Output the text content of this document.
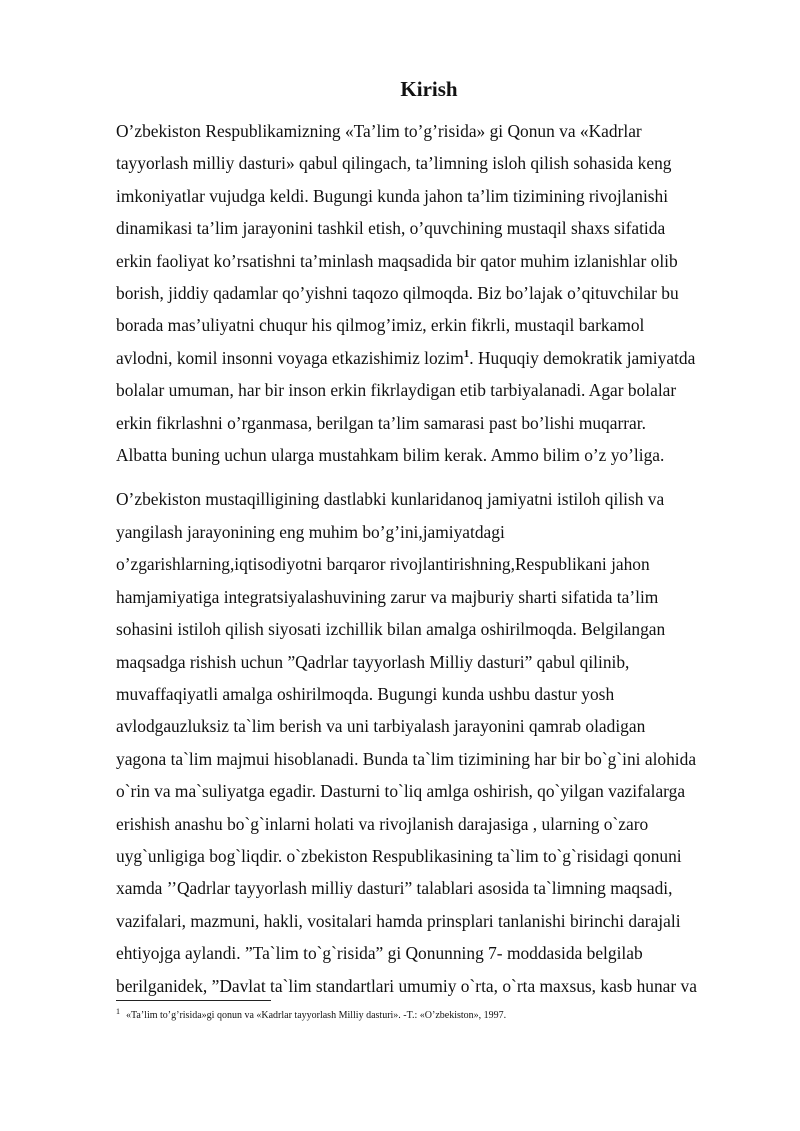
Kirish

O’zbekiston Respublikamizning «Ta’lim to’g’risida» gi Qonun va «Kadrlar
tayyorlash milliy dasturi» qabul qilingach, ta’limning isloh qilish sohasida keng
imkoniyatlar vujudga keldi. Bugungi kunda jahon ta’lim tizimining rivojlanishi
dinamikasi ta’lim jarayonini tashkil etish, o’quvchining mustaqil shaxs sifatida
erkin faoliyat ko’rsatishni ta’minlash maqsadida bir qator muhim izlanishlar olib
borish, jiddiy qadamlar qo’yishni taqozo qilmoqda. Biz bo’lajak o’qituvchilar bu
borada mas’uliyatni chuqur his qilmog’imiz, erkin fikrli, mustaqil barkamol
avlodni, komil insonni voyaga etkazishimiz lozim$^1$. Huquqiy demokratik jamiyatda
bolalar umuman, har bir inson erkin fikrlaydigan etib tarbiyalanadi. Agar bolalar
erkin fikrlashni o’rganmasa, berilgan ta’lim samarasi past bo’lishi muqarrar.
Albatta buning uchun ularga mustahkam bilim kerak. Ammo bilim o’z yo’liga.

O’zbekiston mustaqilligining dastlabki kunlaridanoq jamiyatni istiloh qilish va
yangilash jarayonining eng muhim bo’g’ini,jamiyatdagi
o’zgarishlarning,iqtisodiyotni barqaror rivojlantirishning,Respublikani jahon
hamjamiyatiga integratsiyalashuvining zarur va majburiy sharti sifatida ta’lim
sohasini istiloh qilish siyosati izchillik bilan amalga oshirilmoqda. Belgilangan
maqsadga rishish uchun ”Qadrlar tayyorlash Milliy dasturi” qabul qilinib,
muvaffaqiyatli amalga oshirilmoqda. Bugungi kunda ushbu dastur yosh
avlodgauzluksiz ta`lim berish va uni tarbiyalash jarayonini qamrab oladigan
yagona ta`lim majmui hisoblanadi. Bunda ta`lim tizimining har bir bo`g`ini alohida
o`rin va ma`suliyatga egadir. Dasturni to`liq amlga oshirish, qo`yilgan vazifalarga
erishish anashu bo`g`inlarni holati va rivojlanish darajasiga , ularning o`zaro
uyg`unligiga bog`liqdir. o`zbekiston Respublikasining ta`lim to`g`risidagi qonuni
xamda ’’Qadrlar tayyorlash milliy dasturi” talablari asosida ta`limning maqsadi,
vazifalari, mazmuni, hakli, vositalari hamda prinsplari tanlanishi birinchi darajali
ehtiyojga aylandi. ”Ta`lim to`g`risida” gi Qonunning 7- moddasida belgilab
berilganidek, ”Davlat ta`lim standartlari umumiy o`rta, o`rta maxsus, kasb hunar va

$^1$ «Ta’lim to’g’risida»gi qonun va «Kadrlar tayyorlash Milliy dasturi». -T.: «O’zbekiston», 1997.
